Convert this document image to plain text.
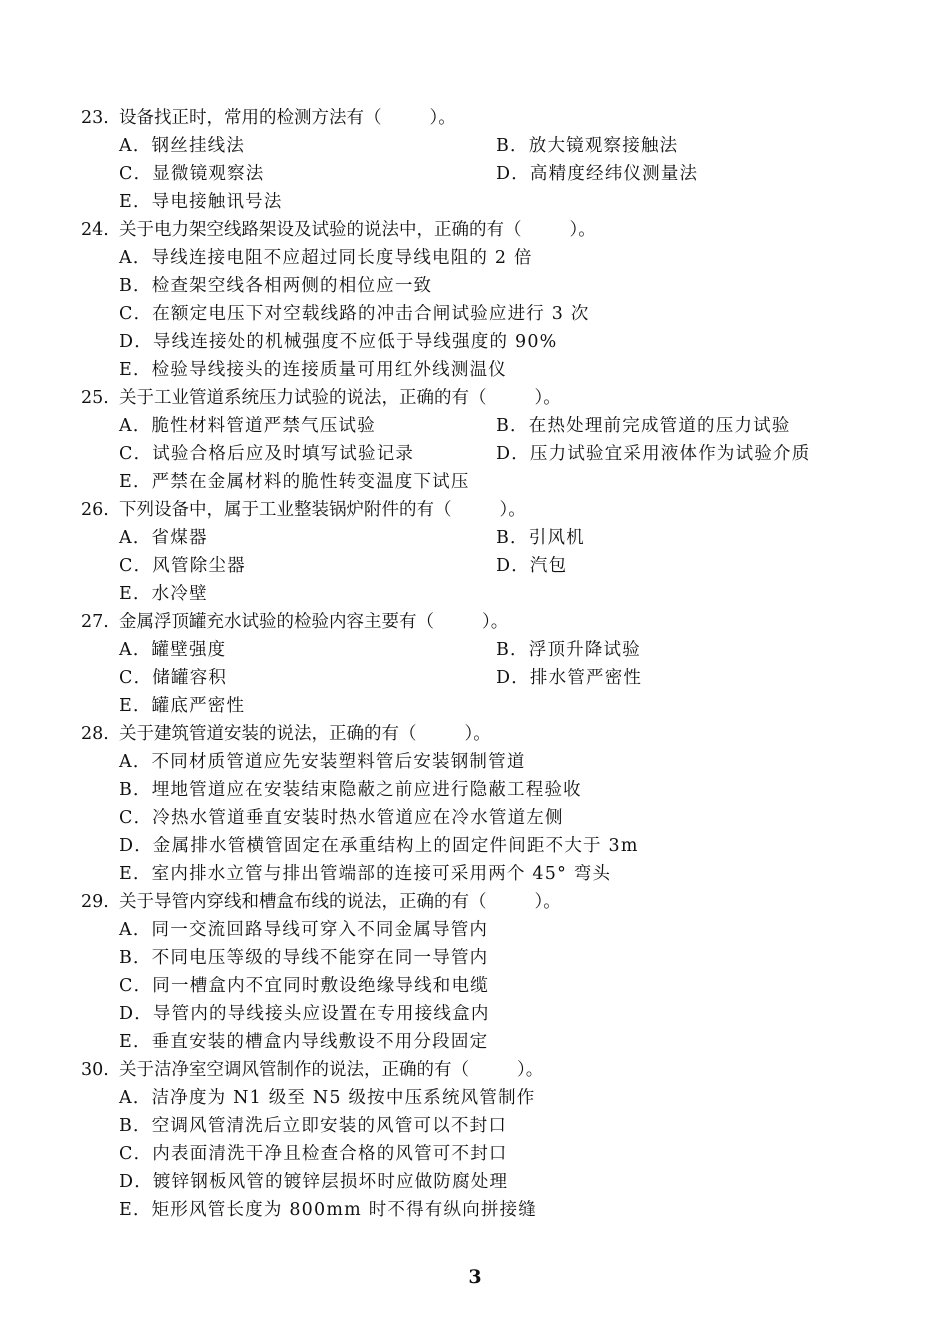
23. 设备找正时，常用的检测方法有（	）。
A．钢丝挂线法	B．放大镜观察接触法
C．显微镜观察法	D．高精度经纬仪测量法
E．导电接触讯号法
24. 关于电力架空线路架设及试验的说法中，正确的有（	）。
A．导线连接电阻不应超过同长度导线电阻的 2 倍
B．检查架空线各相两侧的相位应一致
C．在额定电压下对空载线路的冲击合闸试验应进行 3 次
D．导线连接处的机械强度不应低于导线强度的 90%
E．检验导线接头的连接质量可用红外线测温仪
25. 关于工业管道系统压力试验的说法，正确的有（	）。
A．脆性材料管道严禁气压试验	B．在热处理前完成管道的压力试验
C．试验合格后应及时填写试验记录	D．压力试验宜采用液体作为试验介质
E．严禁在金属材料的脆性转变温度下试压
26. 下列设备中，属于工业整装锅炉附件的有（	）。
A．省煤器	B．引风机
C．风管除尘器	D．汽包
E．水冷壁
27. 金属浮顶罐充水试验的检验内容主要有（	）。
A．罐壁强度	B．浮顶升降试验
C．储罐容积	D．排水管严密性
E．罐底严密性
28. 关于建筑管道安装的说法，正确的有（	）。
A．不同材质管道应先安装塑料管后安装钢制管道
B．埋地管道应在安装结束隐蔽之前应进行隐蔽工程验收
C．冷热水管道垂直安装时热水管道应在冷水管道左侧
D．金属排水管横管固定在承重结构上的固定件间距不大于 3m
E．室内排水立管与排出管端部的连接可采用两个 45° 弯头
29. 关于导管内穿线和槽盒布线的说法，正确的有（	）。
A．同一交流回路导线可穿入不同金属导管内
B．不同电压等级的导线不能穿在同一导管内
C．同一槽盒内不宜同时敷设绝缘导线和电缆
D．导管内的导线接头应设置在专用接线盒内
E．垂直安装的槽盒内导线敷设不用分段固定
30. 关于洁净室空调风管制作的说法，正确的有（	）。
A．洁净度为 N1 级至 N5 级按中压系统风管制作
B．空调风管清洗后立即安装的风管可以不封口
C．内表面清洗干净且检查合格的风管可不封口
D．镀锌钢板风管的镀锌层损坏时应做防腐处理
E．矩形风管长度为 800mm 时不得有纵向拼接缝
3
